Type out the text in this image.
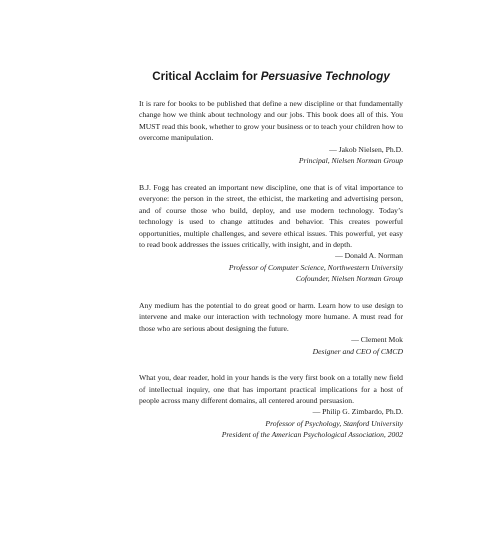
Critical Acclaim for Persuasive Technology

It is rare for books to be published that define a new discipline or that fundamentally change how we think about technology and our jobs. This book does all of this. You MUST read this book, whether to grow your business or to teach your children how to overcome manipulation.

— Jakob Nielsen, Ph.D.
Principal, Nielsen Norman Group

B.J. Fogg has created an important new discipline, one that is of vital importance to everyone: the person in the street, the ethicist, the marketing and advertising person, and of course those who build, deploy, and use modern technology. Today’s technology is used to change attitudes and behavior. This creates powerful opportunities, multiple challenges, and severe ethical issues. This powerful, yet easy to read book addresses the issues critically, with insight, and in depth.

— Donald A. Norman
Professor of Computer Science, Northwestern University
Cofounder, Nielsen Norman Group

Any medium has the potential to do great good or harm. Learn how to use design to intervene and make our interaction with technology more humane. A must read for those who are serious about designing the future.

— Clement Mok
Designer and CEO of CMCD

What you, dear reader, hold in your hands is the very first book on a totally new field of intellectual inquiry, one that has important practical implications for a host of people across many different domains, all centered around persuasion.

— Philip G. Zimbardo, Ph.D.
Professor of Psychology, Stanford University
President of the American Psychological Association, 2002
